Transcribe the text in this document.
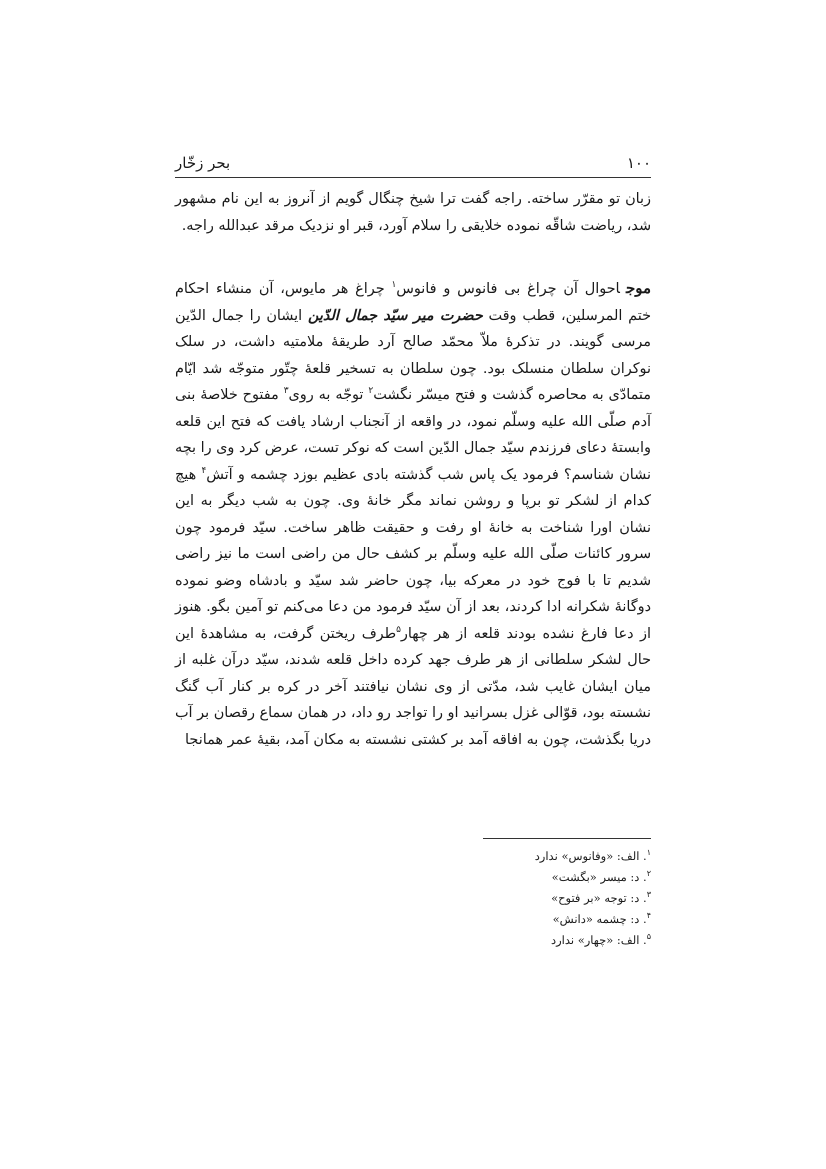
۱۰۰
بحر زخّار

زبان تو مقرّر ساخته. راجه گفت ترا شیخ چنگال گویم از آنروز به این نام مشهور شد، ریاضت شاقّه نموده خلایقی را سلام آورد، قبر او نزدیک مرقد عبدالله راجه.

موجاحوال آن چراغ بی فانوس و فانوس$^۱$ چراغ هر مایوس، آن منشاء احکام ختم المرسلین، قطب وقت حضرت میر سیّد جمال الدّین ایشان را جمال الدّین مرسی گویند. در تذکرهٔ ملاّ محمّد صالح آرد طریقهٔ ملامتیه داشت، در سلک نوکران سلطان منسلک بود. چون سلطان به تسخیر قلعهٔ چتّور متوجّه شد ایّام متمادّی به محاصره گذشت و فتح میسّر نگشت$^۲$ توجّه به روی$^۳$ مفتوح خلاصهٔ بنی آدم صلّی الله علیه وسلّم نمود، در واقعه از آنجناب ارشاد یافت که فتح این قلعه وابستهٔ دعای فرزندم سیّد جمال الدّین است که نوکر تست، عرض کرد وی را بچه نشان شناسم؟ فرمود یک پاس شب گذشته بادی عظیم بوزد چشمه و آتش$^۴$ هیچ کدام از لشکر تو برپا و روشن نماند مگر خانهٔ وی. چون به شب دیگر به این نشان اورا شناخت به خانهٔ او رفت و حقیقت ظاهر ساخت. سیّد فرمود چون سرور کائنات صلّی الله علیه وسلّم بر کشف حال من راضی است ما نیز راضی شدیم تا با فوج خود در معرکه بیا، چون حاضر شد سیّد و بادشاه وضو نموده دوگانهٔ شکرانه ادا کردند، بعد از آن سیّد فرمود من دعا می‌کنم تو آمین بگو. هنوز از دعا فارغ نشده بودند قلعه از هر چهار$^۵$طرف ریختن گرفت، به مشاهدهٔ این حال لشکر سلطانی از هر طرف جهد کرده داخل قلعه شدند، سیّد درآن غلبه از میان ایشان غایب شد، مدّتی از وی نشان نیافتند آخر در کره بر کنار آب گنگ نشسته بود، قوّالی غزل بسرانید او را تواجد رو داد، در همان سماع رقصان بر آب دریا بگذشت، چون به افاقه آمد بر کشتی نشسته به مکان آمد، بقیهٔ عمر همانجا

$^۱$. الف: «وفانوس» ندارد
$^۲$. د: میسر «بگشت»
$^۳$. د: توجه «بر فتوح»
$^۴$. د: چشمه «دانش»
$^۵$. الف: «چهار» ندارد
